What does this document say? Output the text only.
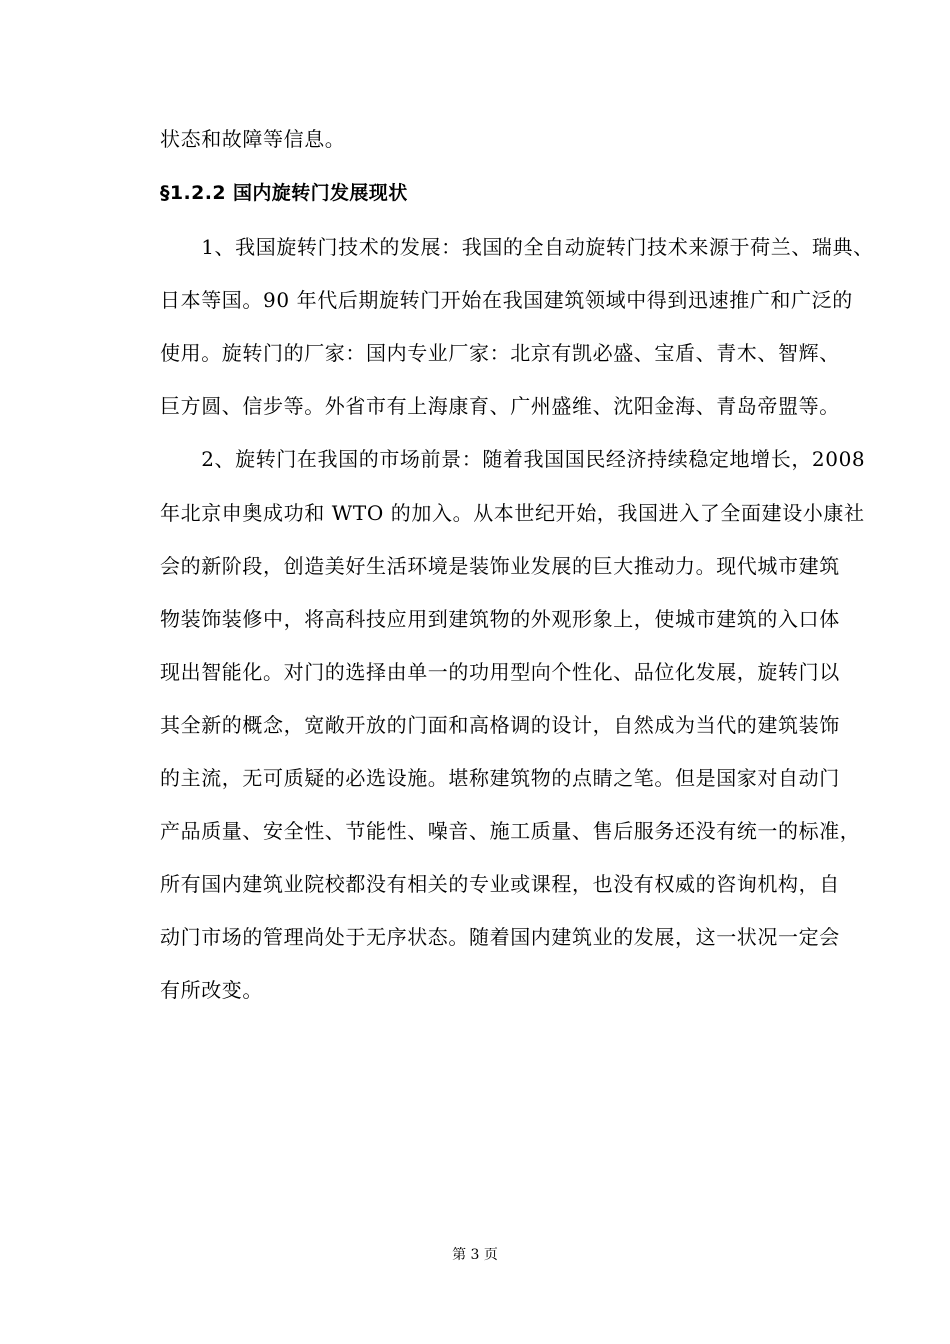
状态和故障等信息。
§1.2.2 国内旋转门发展现状
　　1、我国旋转门技术的发展：我国的全自动旋转门技术来源于荷兰、瑞典、
日本等国。90 年代后期旋转门开始在我国建筑领域中得到迅速推广和广泛的
使用。旋转门的厂家：国内专业厂家：北京有凯必盛、宝盾、青木、智辉、
巨方圆、信步等。外省市有上海康育、广州盛维、沈阳金海、青岛帝盟等。
　　2、旋转门在我国的市场前景：随着我国国民经济持续稳定地增长，2008
年北京申奥成功和 WTO 的加入。从本世纪开始，我国进入了全面建设小康社
会的新阶段，创造美好生活环境是装饰业发展的巨大推动力。现代城市建筑
物装饰装修中，将高科技应用到建筑物的外观形象上，使城市建筑的入口体
现出智能化。对门的选择由单一的功用型向个性化、品位化发展，旋转门以
其全新的概念，宽敞开放的门面和高格调的设计，自然成为当代的建筑装饰
的主流，无可质疑的必选设施。堪称建筑物的点睛之笔。但是国家对自动门
产品质量、安全性、节能性、噪音、施工质量、售后服务还没有统一的标准，
所有国内建筑业院校都没有相关的专业或课程，也没有权威的咨询机构，自
动门市场的管理尚处于无序状态。随着国内建筑业的发展，这一状况一定会
有所改变。
第 3 页
